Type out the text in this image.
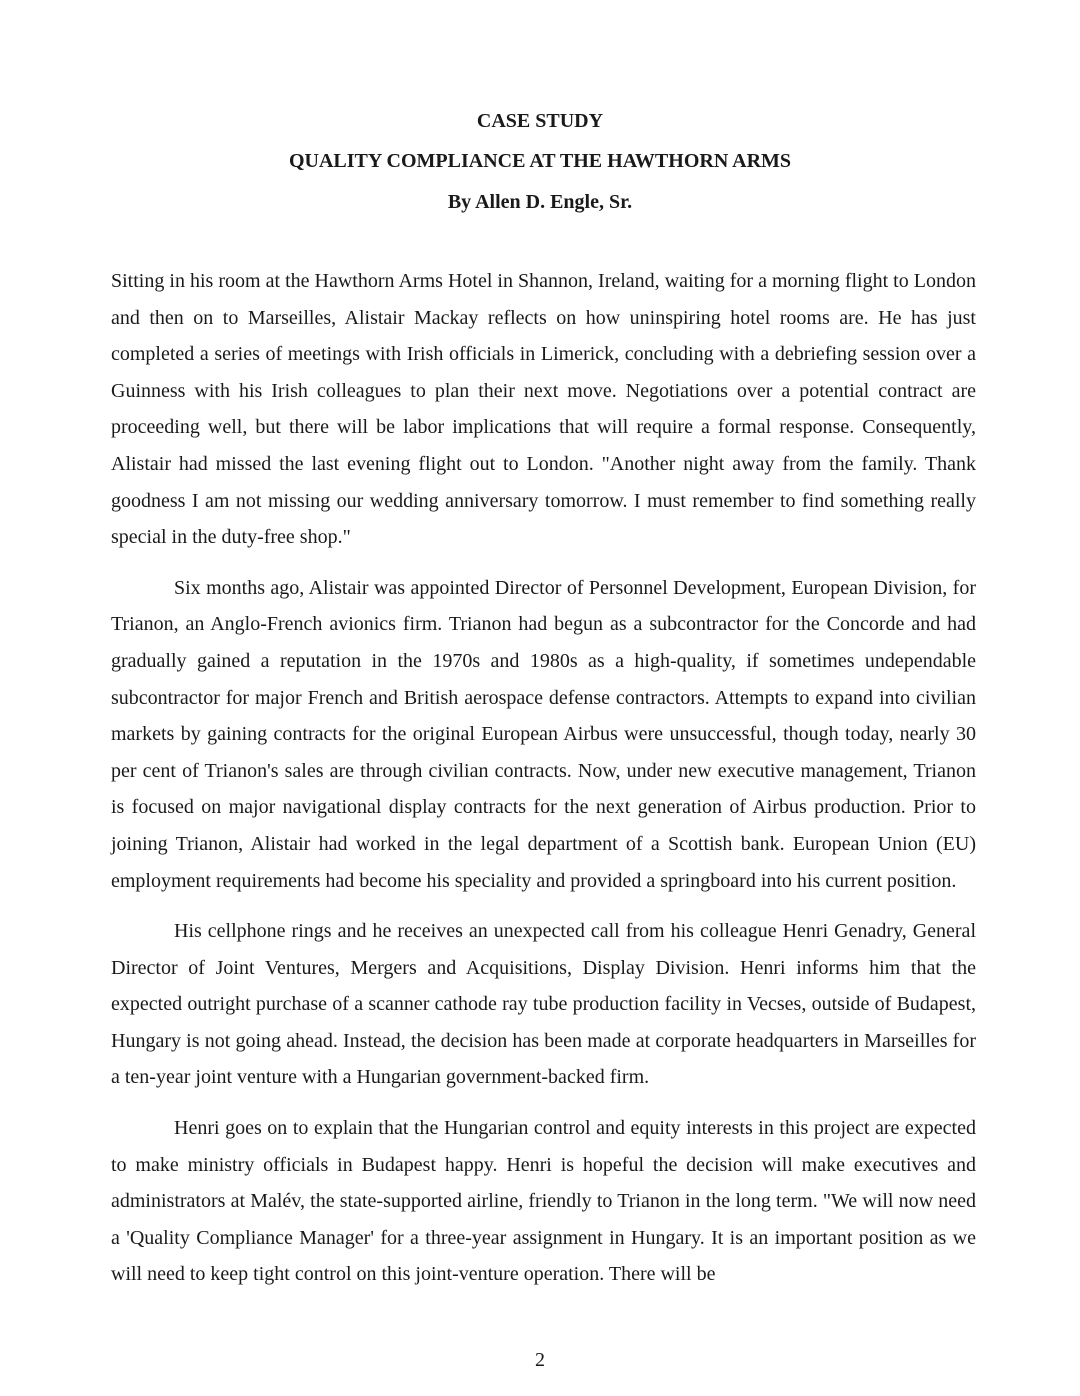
CASE STUDY
QUALITY COMPLIANCE AT THE HAWTHORN ARMS
By Allen D. Engle, Sr.

Sitting in his room at the Hawthorn Arms Hotel in Shannon, Ireland, waiting for a morning flight to London and then on to Marseilles, Alistair Mackay reflects on how uninspiring hotel rooms are. He has just completed a series of meetings with Irish officials in Limerick, concluding with a debriefing session over a Guinness with his Irish colleagues to plan their next move. Negotiations over a potential contract are proceeding well, but there will be labor implications that will require a formal response. Consequently, Alistair had missed the last evening flight out to London. "Another night away from the family. Thank goodness I am not missing our wedding anniversary tomorrow. I must remember to find something really special in the duty-free shop."

Six months ago, Alistair was appointed Director of Personnel Development, European Division, for Trianon, an Anglo-French avionics firm. Trianon had begun as a subcontractor for the Concorde and had gradually gained a reputation in the 1970s and 1980s as a high-quality, if sometimes undependable subcontractor for major French and British aerospace defense contractors. Attempts to expand into civilian markets by gaining contracts for the original European Airbus were unsuccessful, though today, nearly 30 per cent of Trianon's sales are through civilian contracts. Now, under new executive management, Trianon is focused on major navigational display contracts for the next generation of Airbus production. Prior to joining Trianon, Alistair had worked in the legal department of a Scottish bank. European Union (EU) employment requirements had become his speciality and provided a springboard into his current position.

His cellphone rings and he receives an unexpected call from his colleague Henri Genadry, General Director of Joint Ventures, Mergers and Acquisitions, Display Division. Henri informs him that the expected outright purchase of a scanner cathode ray tube production facility in Vecses, outside of Budapest, Hungary is not going ahead. Instead, the decision has been made at corporate headquarters in Marseilles for a ten-year joint venture with a Hungarian government-backed firm.

Henri goes on to explain that the Hungarian control and equity interests in this project are expected to make ministry officials in Budapest happy. Henri is hopeful the decision will make executives and administrators at Malév, the state-supported airline, friendly to Trianon in the long term. "We will now need a 'Quality Compliance Manager' for a three-year assignment in Hungary. It is an important position as we will need to keep tight control on this joint-venture operation. There will be

2
